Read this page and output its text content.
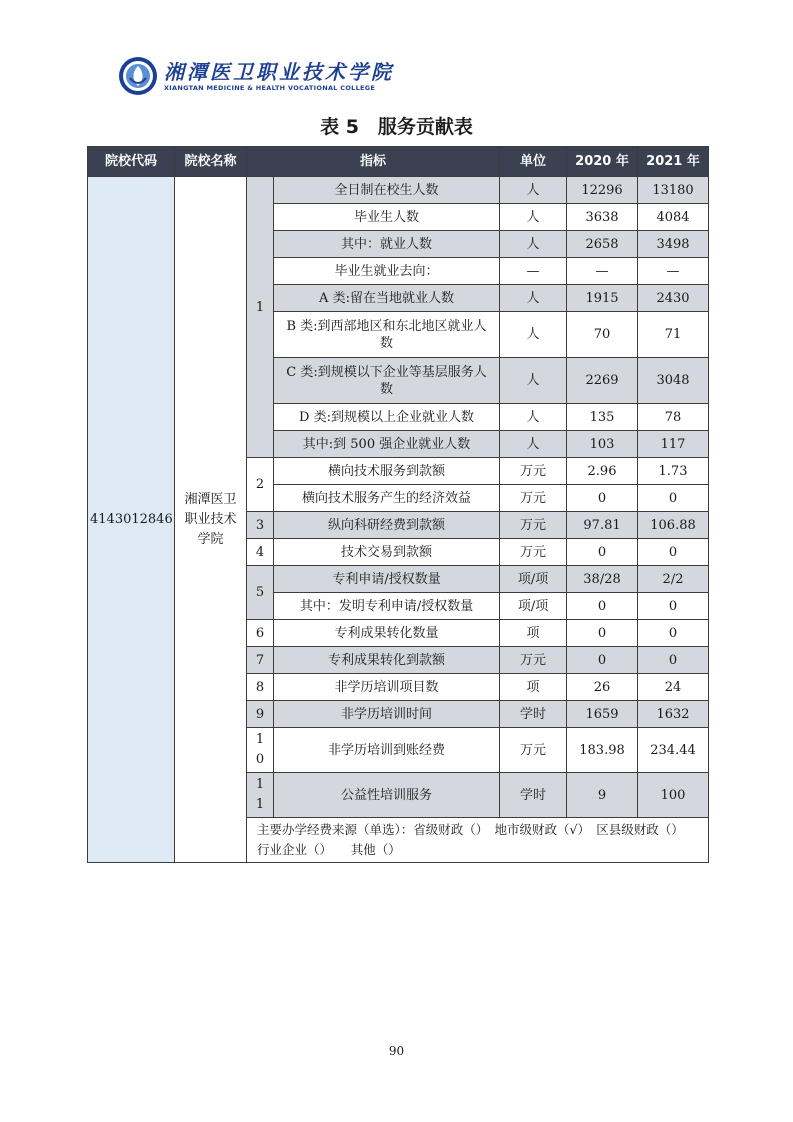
湘潭医卫职业技术学院
XIANGTAN MEDICINE & HEALTH VOCATIONAL COLLEGE
表 5　服务贡献表
院校代码	院校名称	指标		单位	2020 年	2021 年
4143012846	湘潭医卫职业技术学院	1	全日制在校生人数	人	12296	13180
			毕业生人数	人	3638	4084
			其中：就业人数	人	2658	3498
			毕业生就业去向：	—	—	—
			A 类:留在当地就业人数	人	1915	2430
			B 类:到西部地区和东北地区就业人数	人	70	71
			C 类:到规模以下企业等基层服务人数	人	2269	3048
			D 类:到规模以上企业就业人数	人	135	78
			其中:到 500 强企业就业人数	人	103	117
		2	横向技术服务到款额	万元	2.96	1.73
			横向技术服务产生的经济效益	万元	0	0
		3	纵向科研经费到款额	万元	97.81	106.88
		4	技术交易到款额	万元	0	0
		5	专利申请/授权数量	项/项	38/28	2/2
			其中：发明专利申请/授权数量	项/项	0	0
		6	专利成果转化数量	项	0	0
		7	专利成果转化到款额	万元	0	0
		8	非学历培训项目数	项	26	24
		9	非学历培训时间	学时	1659	1632

		10	非学历培训到账经费	万元	183.98	234.44

		11	公益性培训服务	学时	9	100
		主要办学经费来源（单选）：省级财政（）　地市级财政（√）　区县级财政（）　行业企业（）　　其他（）				
90
